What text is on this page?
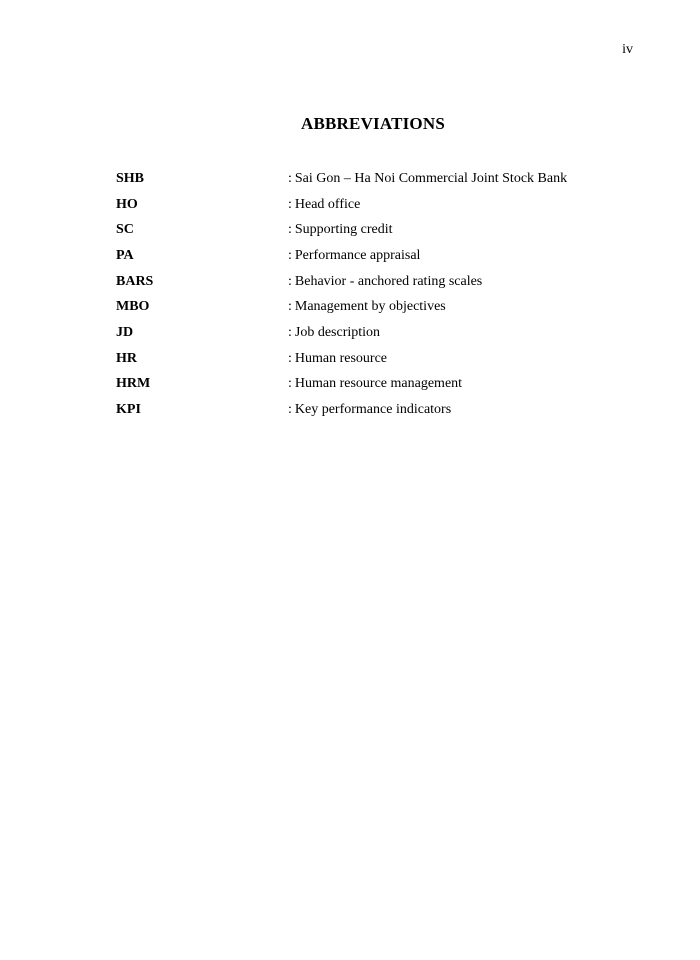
iv
ABBREVIATIONS
SHB	: Sai Gon – Ha Noi Commercial Joint Stock Bank
HO	: Head office
SC	: Supporting credit
PA	: Performance appraisal
BARS	: Behavior - anchored rating scales
MBO	: Management by objectives
JD	: Job description
HR	: Human resource
HRM	: Human resource management
KPI	: Key performance indicators
